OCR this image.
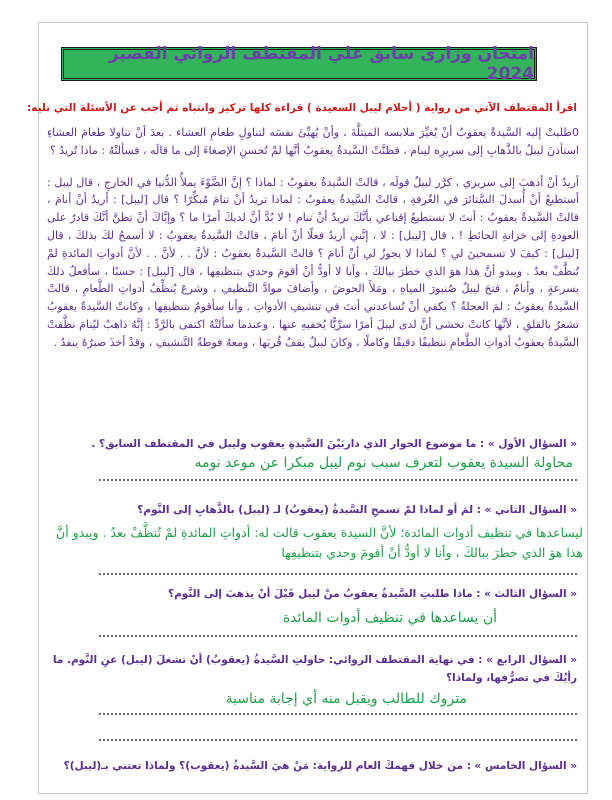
امتحان وزارى سابق علي المقتطف الروائي القصير 2024
اقرأ المقتطف الآتي من رواية ( أحلام ليبل السعيدة ) قراءة كلها تركيز وانتباه ثم أجب عن الأسئلة التي تليه:

0طلبتْ إليه السَّيدةُ يعقوبُ أنْ يُغيِّرَ ملابسه المبتلَّةَ ، وأنْ يُهيِّئَ نفسَه لتناولِ طعامِ العشاء . بعدَ أنْ تناولا طعامَ العشاءِ استأذنَ ليبلُ بالذَّهابِ إلى سريرِه لينام ، فظنَّتْ السَّيدةُ يعقوبُ أنَّها لمْ تُحسنِ الإصغاءَ إلى ما قالَه ، فسألتْهُ : ماذا تُريدُ ؟

أريدُ أنْ أذهبَ إلى سريري ، كرَّر ليبلُ قولَه ، قالتْ السَّيدةُ يعقوبُ : لماذا ؟ إنَّ الضَّوْءَ يملأُ الدُّنيا في الخارجِ ، قال ليبل : أستطيعُ أنْ أُسدلَ السَّتائرَ في الغُرفةِ ، قالتْ السَّيدةُ يعقوبُ : لماذا تريدُ أنْ تنامَ مُبكِّرًا ؟ قال [ليبل] : أريدُ أنْ أنامَ ، قالتْ السَّيدةُ يعقوبُ : أنتَ لا تستطيعُ إقناعي بأنَّكَ تريدُ أنْ تنام ! لا بُدَّ أنَّ لديكَ أمرًا ما ؟ وإيَّاكَ أنْ تظنَّ أنَّكَ قادرٌ على العودةِ إلى خزانةِ الحائطِ ! ، قال [ليبل] : لا ، إنَّني أريدُ فعلًا أنْ أنامَ ، قالتْ السَّيدةُ يعقوبُ : لا أسمحُ لكَ بذلكَ ، قال [ليبل] : كيفَ لا تسمحينَ لي ؟ لماذا لا يجوزُ لي أنْ أنامَ ؟ قالتْ السَّيدةُ يعقوبُ : لأنَّ . . لأنَّ . . لأنَّ أدواتِ المائدةِ لمْ تُنظَّفْ بعدُ . ويبدو أنَّ هذا هوَ الذي خطرَ ببالكَ ، وأنا لا أودُّ أنْ أقومَ وحدي بتنظيفِها ، قال [ليبل] : حسنًا ، سأفعلُ ذلكَ بسرعةٍ ، وأنامُ ، فتحَ ليبلُ صُنبورَ المياهِ ، ومَلأَ الحوضَ ، وأضافَ موادَّ التَّنظيفِ ، وشرعَ يُنظِّفُ أدواتِ الطَّعامِ ، قالتْ السَّيدةُ يعقوبُ : لمَ العجلةُ ؟ يكفي أنْ تُساعدني أنتَ في تنشيفِ الأدواتِ . وأنا سأقومُ بتنظيفِها ، وكانتْ السَّيدةُ يعقوبُ تشعرُ بالقلقِ ، لأنَّها كانتْ تخشى أنَّ لدى ليبلَ أمرًا سرِّيًّا يُخفيهِ عنها . وعندما سألتْهُ اكتفى بالرَّدِّ : إنَّهُ ذاهبٌ ليُنامَ نظَّفتْ السَّيدةُ يعقوبُ أدواتِ الطَّعامِ تنظيفًا دقيقًا وكاملًا ، وكانَ ليبلُ يقفُ قُربَها ، ومعهُ فوطةُ التَّنشيفِ ، وقدْ أخذَ صبرُهُ ينفدُ .

« السؤال الأول » : ما موضوع الحوار الذي داربَيْنَ السَّيدةِ يعقوب وليبل في المقتطف السابق؟ .
محاولة السيدة يعقوب لتعرف سبب نوم ليبل مبكرا عن موعد نومه
« السؤال الثاني » : لمَ أو لماذا لمْ تسمحِ السَّيدةُ (يعقوبُ) لـ (ليبل) بالذَّهابِ إلى النَّوم؟
ليساعدها في تنظيف أدوات المائدة؛ لأنَّ السيدة يعقوب قالت له: أدواتِ المائدةِ لمْ تُنظَّفْ بعدُ . ويبدو أنَّ هذا هوَ الذي خطرَ ببالكَ ، وأنا لا أودُّ أنْ أقومَ وحدي بتنظيفِها
« السؤال الثالث » : ماذا طلبتِ السَّيدةُ يعقوبُ منْ ليبل قَبْلَ أنْ يذهبَ إلى النَّوم؟
أن يساعدها في تنظيف أدوات المائدة
« السؤال الرابع » : في نهاية المقتطف الروائي: حاولتِ السَّيدةُ (يعقوبُ) أنْ تشغلَ (ليبل) عنِ النَّوم. ما رأيُكَ في تصرُّفها، ولماذا؟
متروك للطالب ويقبل منه أي إجابة مناسبة
« السؤال الخامس » : من خلال فهمكَ العام للرواية: مَنْ هيَ السَّيدةُ (يعقوب)؟ ولماذا تعتني بـ(ليبل)؟
